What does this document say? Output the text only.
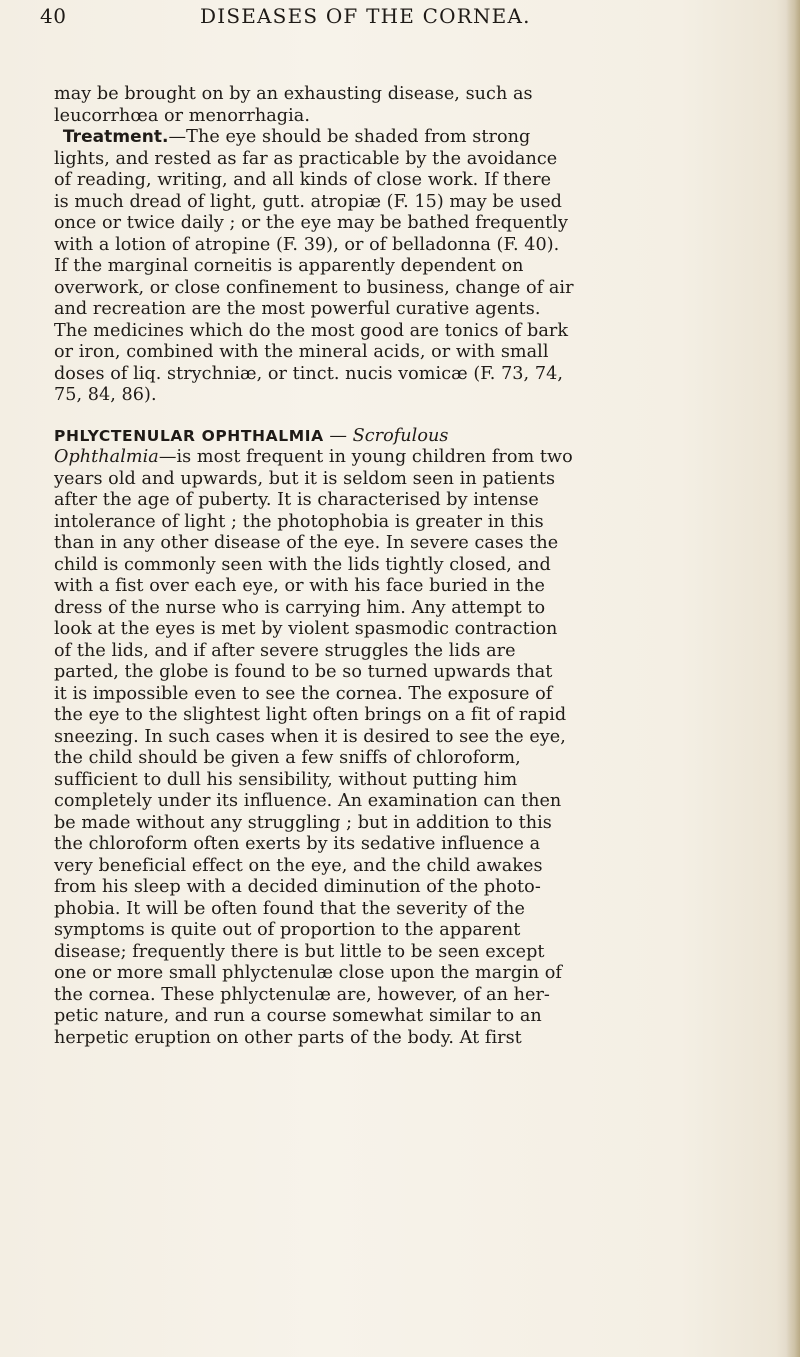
40	DISEASES OF THE CORNEA.
may be brought on by an exhausting disease, such as
leucorrhœa or menorrhagia.
 Treatment.—The eye should be shaded from strong
lights, and rested as far as practicable by the avoidance
of reading, writing, and all kinds of close work. If there
is much dread of light, gutt. atropiæ (F. 15) may be used
once or twice daily ; or the eye may be bathed frequently
with a lotion of atropine (F. 39), or of belladonna (F. 40).
If the marginal corneitis is apparently dependent on
overwork, or close confinement to business, change of air
and recreation are the most powerful curative agents.
The medicines which do the most good are tonics of bark
or iron, combined with the mineral acids, or with small
doses of liq. strychniæ, or tinct. nucis vomicæ (F. 73, 74,
75, 84, 86).
PHLYCTENULAR OPHTHALMIA — Scrofulous
Ophthalmia—is most frequent in young children from two
years old and upwards, but it is seldom seen in patients
after the age of puberty. It is characterised by intense
intolerance of light ; the photophobia is greater in this
than in any other disease of the eye. In severe cases the
child is commonly seen with the lids tightly closed, and
with a fist over each eye, or with his face buried in the
dress of the nurse who is carrying him. Any attempt to
look at the eyes is met by violent spasmodic contraction
of the lids, and if after severe struggles the lids are
parted, the globe is found to be so turned upwards that
it is impossible even to see the cornea. The exposure of
the eye to the slightest light often brings on a fit of rapid
sneezing. In such cases when it is desired to see the eye,
the child should be given a few sniffs of chloroform,
sufficient to dull his sensibility, without putting him
completely under its influence. An examination can then
be made without any struggling ; but in addition to this
the chloroform often exerts by its sedative influence a
very beneficial effect on the eye, and the child awakes
from his sleep with a decided diminution of the photo-
phobia. It will be often found that the severity of the
symptoms is quite out of proportion to the apparent
disease; frequently there is but little to be seen except
one or more small phlyctenulæ close upon the margin of
the cornea. These phlyctenulæ are, however, of an her-
petic nature, and run a course somewhat similar to an
herpetic eruption on other parts of the body. At first
